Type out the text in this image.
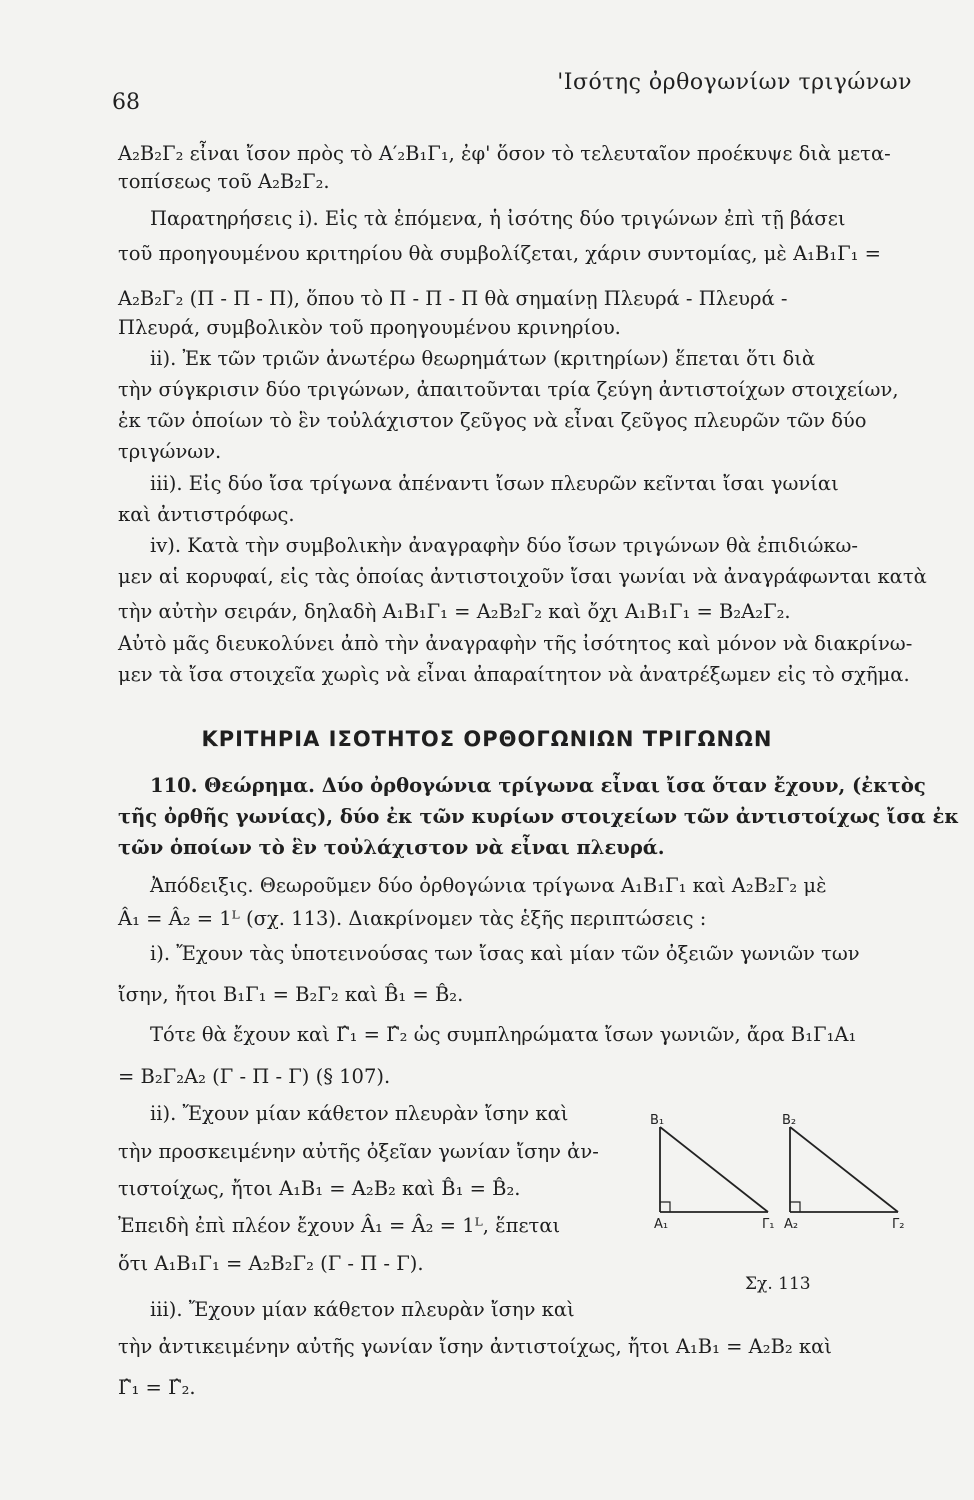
68
'Ισότης ὀρθογωνίων τριγώνων
Α₂Β₂Γ₂ εἶναι ἴσον πρὸς τὸ Α′₂Β₁Γ₁, ἐφ' ὅσον τὸ τελευταῖον προέκυψε διὰ μετα-
τοπίσεως τοῦ Α₂Β₂Γ₂.
Παρατηρήσεις i). Εἰς τὰ ἑπόμενα, ἡ ἰσότης δύο τριγώνων ἐπὶ τῇ βάσει
τοῦ προηγουμένου κριτηρίου θὰ συμβολίζεται, χάριν συντομίας, μὲ Α₁Β₁Γ₁ =
Α₂Β₂Γ₂ (Π - Π - Π), ὅπου τὸ Π - Π - Π θὰ σημαίνῃ Πλευρά - Πλευρά -
Πλευρά, συμβολικὸν τοῦ προηγουμένου κρινηρίου.
ii). Ἐκ τῶν τριῶν ἀνωτέρω θεωρημάτων (κριτηρίων) ἕπεται ὅτι διὰ
τὴν σύγκρισιν δύο τριγώνων, ἀπαιτοῦνται τρία ζεύγη ἀντιστοίχων στοιχείων,
ἐκ τῶν ὁποίων τὸ ἓν τοὐλάχιστον ζεῦγος νὰ εἶναι ζεῦγος πλευρῶν τῶν δύο
τριγώνων.
iii). Εἰς δύο ἴσα τρίγωνα ἀπέναντι ἴσων πλευρῶν κεῖνται ἴσαι γωνίαι
καὶ ἀντιστρόφως.
iv). Κατὰ τὴν συμβολικὴν ἀναγραφὴν δύο ἴσων τριγώνων θὰ ἐπιδιώκω-
μεν αἱ κορυφαί, εἰς τὰς ὁποίας ἀντιστοιχοῦν ἴσαι γωνίαι νὰ ἀναγράφωνται κατὰ
τὴν αὐτὴν σειράν, δηλαδὴ Α₁Β₁Γ₁ = Α₂Β₂Γ₂ καὶ ὄχι Α₁Β₁Γ₁ = Β₂Α₂Γ₂.
Αὐτὸ μᾶς διευκολύνει ἀπὸ τὴν ἀναγραφὴν τῆς ἰσότητος καὶ μόνον νὰ διακρίνω-
μεν τὰ ἴσα στοιχεῖα χωρὶς νὰ εἶναι ἀπαραίτητον νὰ ἀνατρέξωμεν εἰς τὸ σχῆμα.
ΚΡΙΤΗΡΙΑ ΙΣΟΤΗΤΟΣ ΟΡΘΟΓΩΝΙΩΝ ΤΡΙΓΩΝΩΝ
110. Θεώρημα. Δύο ὀρθογώνια τρίγωνα εἶναι ἴσα ὅταν ἔχουν, (ἐκτὸς
τῆς ὀρθῆς γωνίας), δύο ἐκ τῶν κυρίων στοιχείων τῶν ἀντιστοίχως ἴσα ἐκ
τῶν ὁποίων τὸ ἓν τοὐλάχιστον νὰ εἶναι πλευρά.
Ἀπόδειξις. Θεωροῦμεν δύο ὀρθογώνια τρίγωνα Α₁Β₁Γ₁ καὶ Α₂Β₂Γ₂ μὲ
Â₁ = Â₂ = 1ᴸ (σχ. 113). Διακρίνομεν τὰς ἑξῆς περιπτώσεις :
i). Ἔχουν τὰς ὑποτεινούσας των ἴσας καὶ μίαν τῶν ὀξειῶν γωνιῶν των
ἴσην, ἤτοι Β₁Γ₁ = Β₂Γ₂ καὶ B̂₁ = B̂₂.
Τότε θὰ ἔχουν καὶ Γ̂₁ = Γ̂₂ ὡς συμπληρώματα ἴσων γωνιῶν, ἄρα Β₁Γ₁Α₁
= Β₂Γ₂Α₂ (Γ - Π - Γ) (§ 107).
ii). Ἔχουν μίαν κάθετον πλευρὰν ἴσην καὶ
τὴν προσκειμένην αὐτῆς ὀξεῖαν γωνίαν ἴσην ἀν-
τιστοίχως, ἤτοι Α₁Β₁ = Α₂Β₂ καὶ B̂₁ = B̂₂.
Ἐπειδὴ ἐπὶ πλέον ἔχουν Â₁ = Â₂ = 1ᴸ, ἕπεται
ὅτι Α₁Β₁Γ₁ = Α₂Β₂Γ₂ (Γ - Π - Γ).
iii). Ἔχουν μίαν κάθετον πλευρὰν ἴσην καὶ
τὴν ἀντικειμένην αὐτῆς γωνίαν ἴσην ἀντιστοίχως, ἤτοι Α₁Β₁ = Α₂Β₂ καὶ
Γ̂₁ = Γ̂₂.
Β₁	Β₂
Α₁	Γ₁ Α₂	Γ₂
Σχ. 113
